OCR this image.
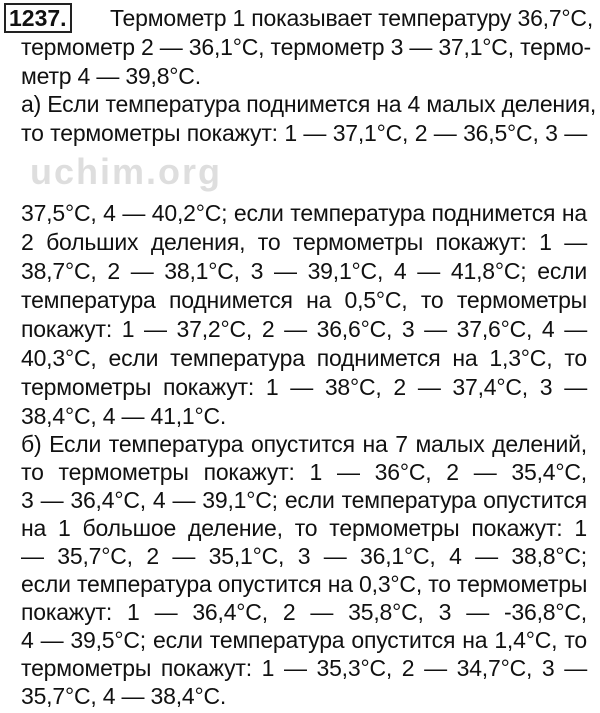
uchim.org
1237. Термометр 1 показывает температуру 36,7°C,
термометр 2 — 36,1°C, термометр 3 — 37,1°C, термо-
метр 4 — 39,8°C.
а) Если температура поднимется на 4 малых деления,
то термометры покажут: 1 — 37,1°C, 2 — 36,5°C, 3 —
37,5°C, 4 — 40,2°C; если температура поднимется на
2 больших деления, то термометры покажут: 1 —
38,7°C, 2 — 38,1°C, 3 — 39,1°C, 4 — 41,8°C; если
температура поднимется на 0,5°C, то термометры
покажут: 1 — 37,2°C, 2 — 36,6°C, 3 — 37,6°C, 4 —
40,3°C, если температура поднимется на 1,3°C, то
термометры покажут: 1 — 38°C, 2 — 37,4°C, 3 —
38,4°C, 4 — 41,1°C.
б) Если температура опустится на 7 малых делений,
то термометры покажут: 1 — 36°C, 2 — 35,4°C,
3 — 36,4°C, 4 — 39,1°C; если температура опустится
на 1 большое деление, то термометры покажут: 1
— 35,7°C, 2 — 35,1°C, 3 — 36,1°C, 4 — 38,8°C;
если температура опустится на 0,3°C, то термометры
покажут: 1 — 36,4°C, 2 — 35,8°C, 3 — -36,8°C,
4 — 39,5°C; если температура опустится на 1,4°C, то
термометры покажут: 1 — 35,3°C, 2 — 34,7°C, 3 —
35,7°C, 4 — 38,4°C.
